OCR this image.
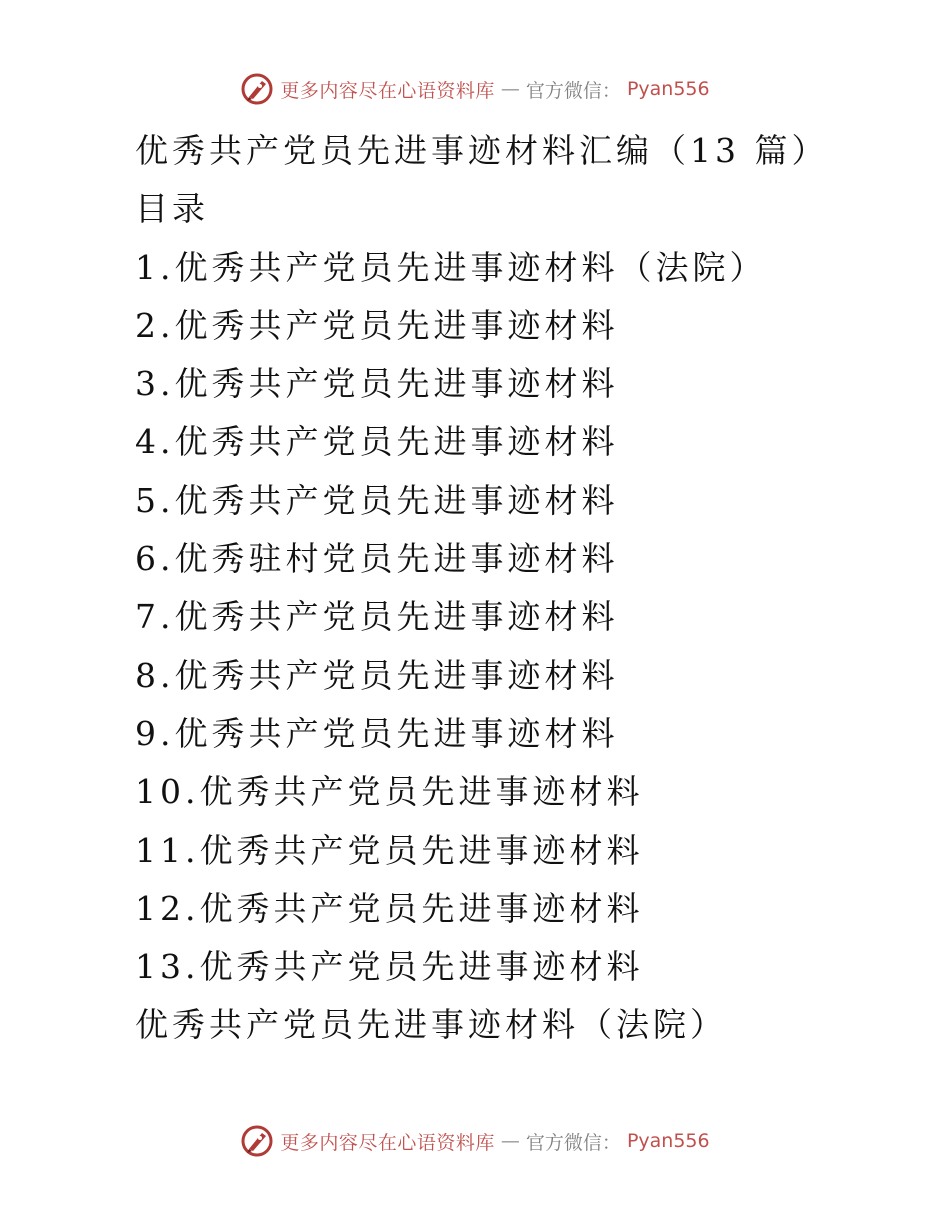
更多内容尽在心语资料库 — 官方微信： Pyan556
优秀共产党员先进事迹材料汇编（13 篇）
目录
1.优秀共产党员先进事迹材料（法院）
2.优秀共产党员先进事迹材料
3.优秀共产党员先进事迹材料
4.优秀共产党员先进事迹材料
5.优秀共产党员先进事迹材料
6.优秀驻村党员先进事迹材料
7.优秀共产党员先进事迹材料
8.优秀共产党员先进事迹材料
9.优秀共产党员先进事迹材料
10.优秀共产党员先进事迹材料
11.优秀共产党员先进事迹材料
12.优秀共产党员先进事迹材料
13.优秀共产党员先进事迹材料
优秀共产党员先进事迹材料（法院）
更多内容尽在心语资料库 — 官方微信： Pyan556
